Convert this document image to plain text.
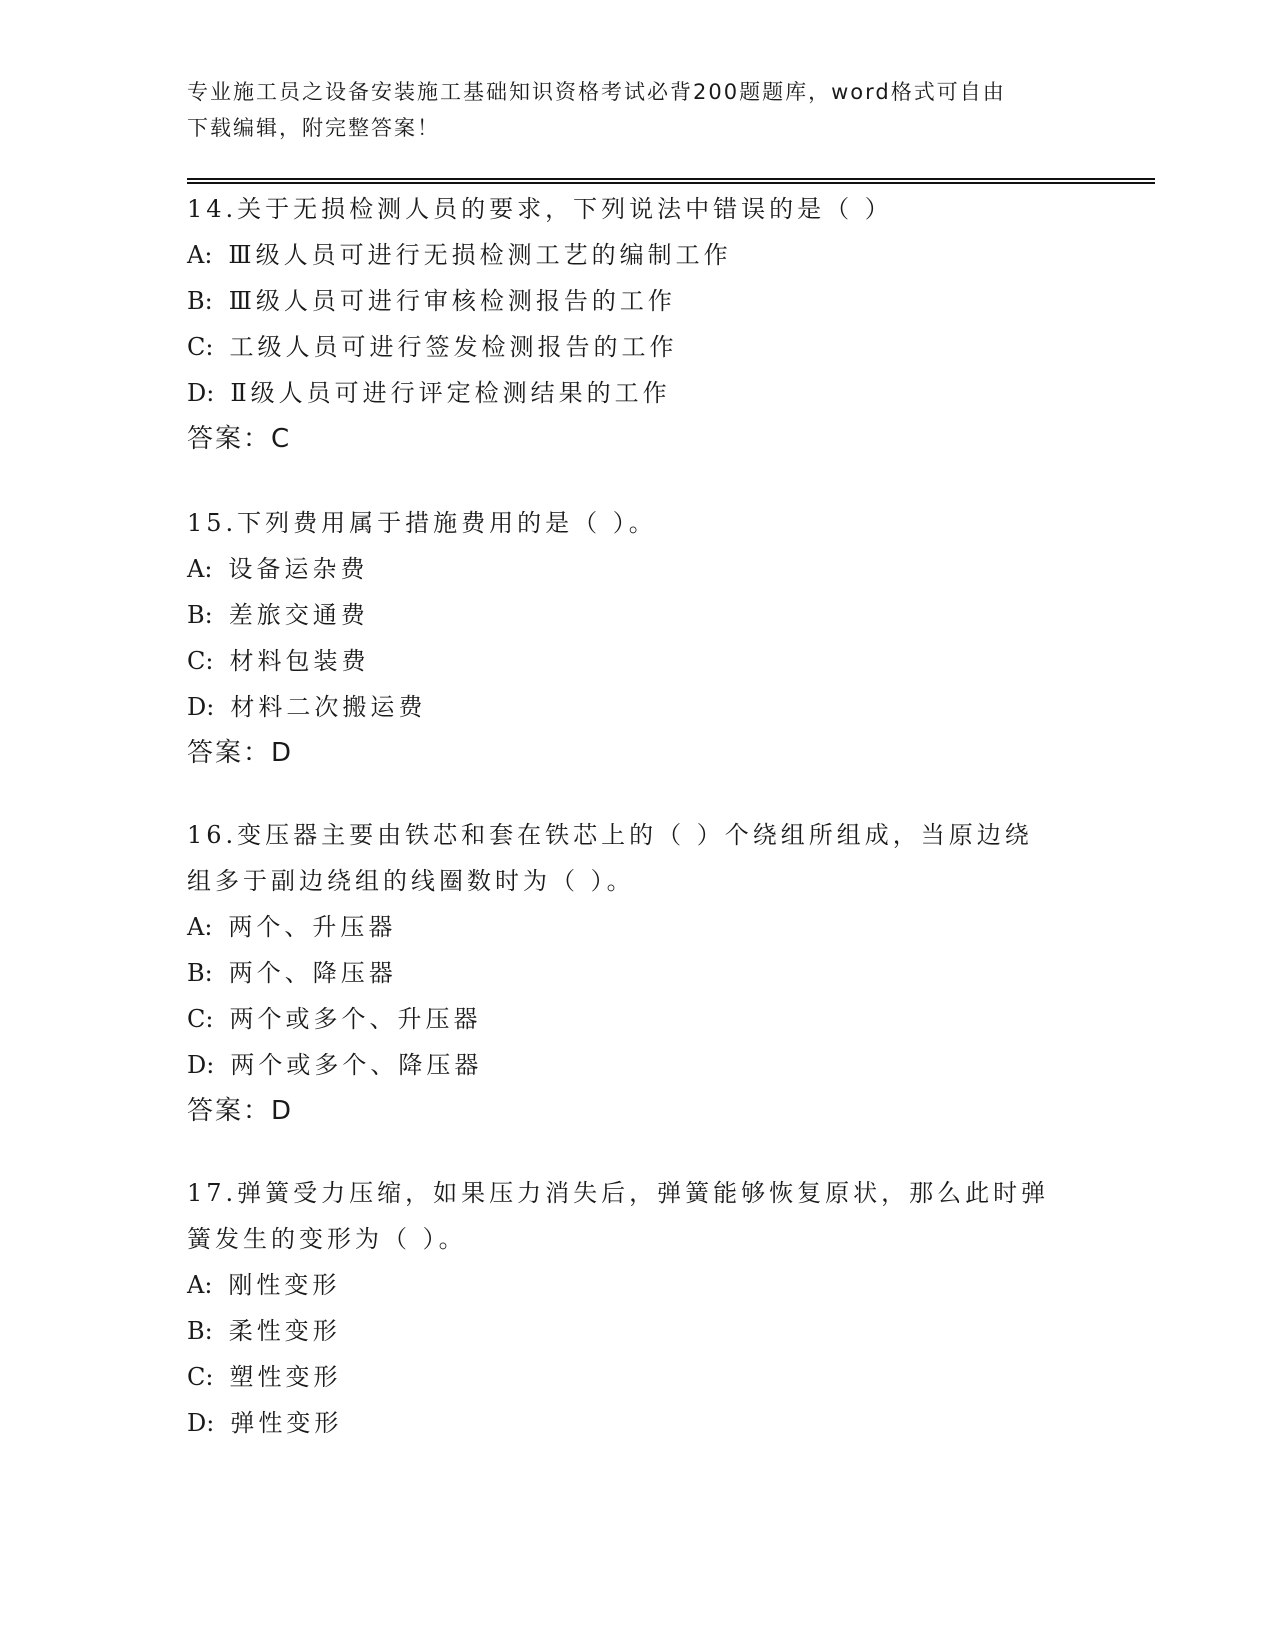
专业施工员之设备安装施工基础知识资格考试必背200题题库，word格式可自由
下载编辑，附完整答案！
14.关于无损检测人员的要求，下列说法中错误的是（ ）
A: Ⅲ级人员可进行无损检测工艺的编制工作
B: Ⅲ级人员可进行审核检测报告的工作
C: 工级人员可进行签发检测报告的工作
D: Ⅱ级人员可进行评定检测结果的工作
答案：C
15.下列费用属于措施费用的是（ ）。
A: 设备运杂费
B: 差旅交通费
C: 材料包装费
D: 材料二次搬运费
答案：D
16.变压器主要由铁芯和套在铁芯上的（ ）个绕组所组成，当原边绕
组多于副边绕组的线圈数时为（ ）。
A: 两个、升压器
B: 两个、降压器
C: 两个或多个、升压器
D: 两个或多个、降压器
答案：D
17.弹簧受力压缩，如果压力消失后，弹簧能够恢复原状，那么此时弹
簧发生的变形为（ ）。
A: 刚性变形
B: 柔性变形
C: 塑性变形
D: 弹性变形
